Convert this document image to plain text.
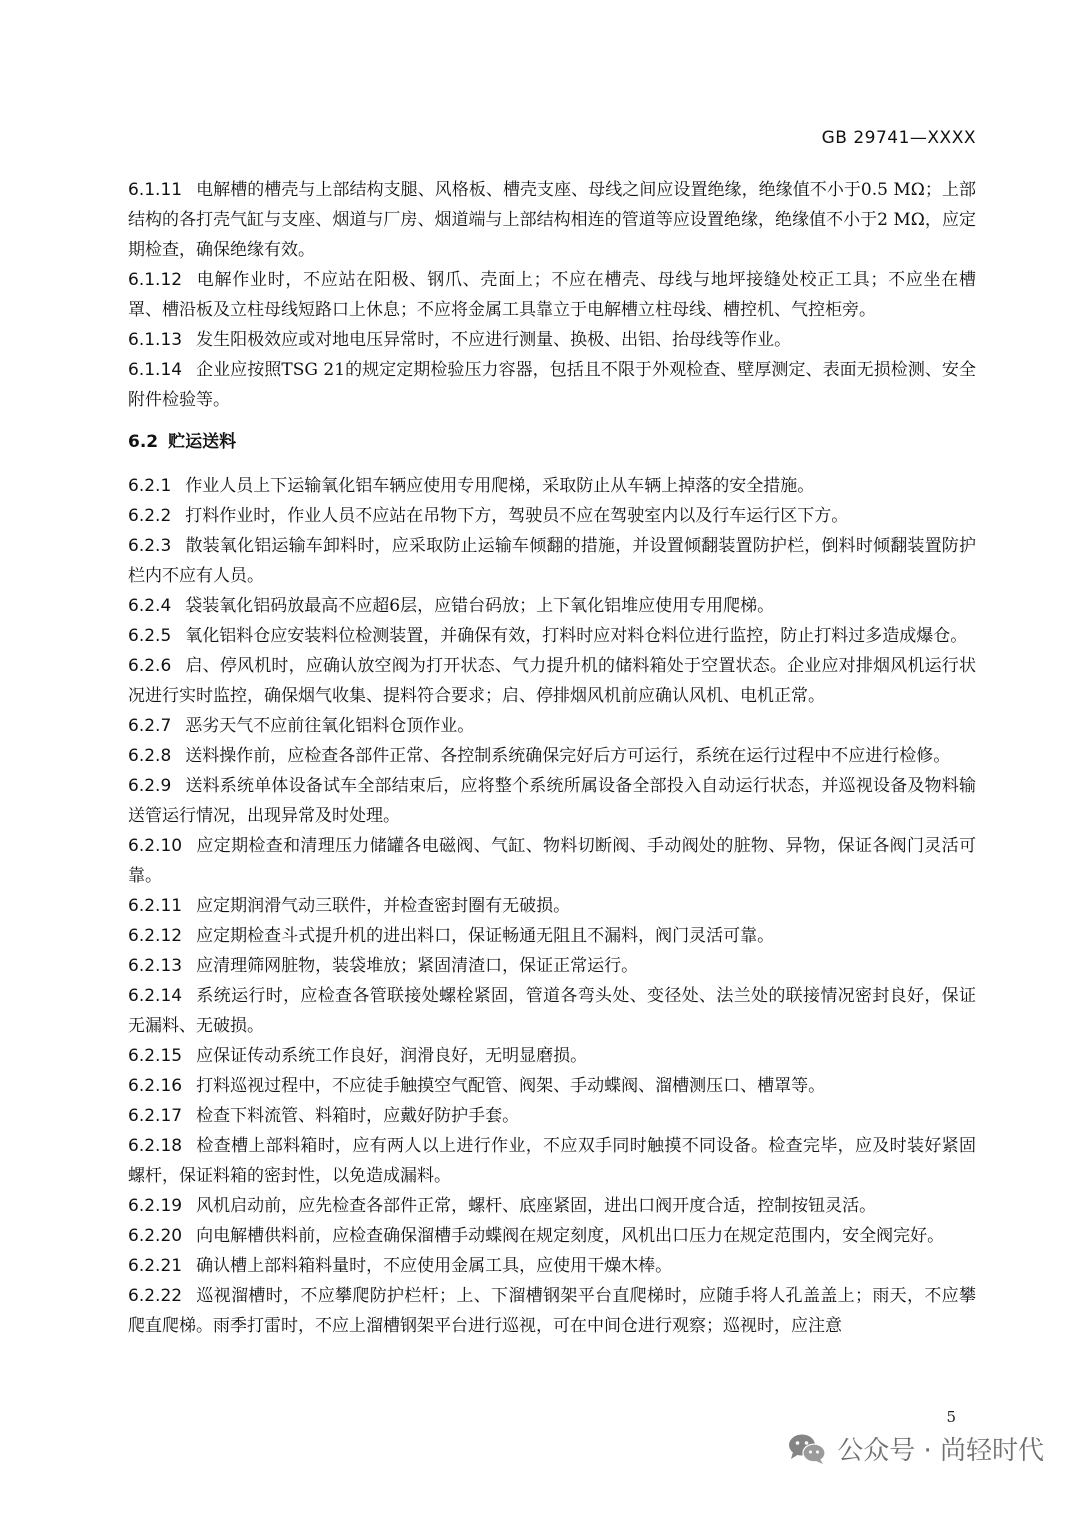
GB 29741—XXXX

6.1.11 电解槽的槽壳与上部结构支腿、风格板、槽壳支座、母线之间应设置绝缘，绝缘值不小于0.5 MΩ；上部结构的各打壳气缸与支座、烟道与厂房、烟道端与上部结构相连的管道等应设置绝缘，绝缘值不小于2 MΩ，应定期检查，确保绝缘有效。

6.1.12 电解作业时，不应站在阳极、钢爪、壳面上；不应在槽壳、母线与地坪接缝处校正工具；不应坐在槽罩、槽沿板及立柱母线短路口上休息；不应将金属工具靠立于电解槽立柱母线、槽控机、气控柜旁。

6.1.13 发生阳极效应或对地电压异常时，不应进行测量、换极、出铝、抬母线等作业。

6.1.14 企业应按照TSG 21的规定定期检验压力容器，包括且不限于外观检查、壁厚测定、表面无损检测、安全附件检验等。

6.2 贮运送料

6.2.1 作业人员上下运输氧化铝车辆应使用专用爬梯，采取防止从车辆上掉落的安全措施。

6.2.2 打料作业时，作业人员不应站在吊物下方，驾驶员不应在驾驶室内以及行车运行区下方。

6.2.3 散装氧化铝运输车卸料时，应采取防止运输车倾翻的措施，并设置倾翻装置防护栏，倒料时倾翻装置防护栏内不应有人员。

6.2.4 袋装氧化铝码放最高不应超6层，应错台码放；上下氧化铝堆应使用专用爬梯。

6.2.5 氧化铝料仓应安装料位检测装置，并确保有效，打料时应对料仓料位进行监控，防止打料过多造成爆仓。

6.2.6 启、停风机时，应确认放空阀为打开状态、气力提升机的储料箱处于空置状态。企业应对排烟风机运行状况进行实时监控，确保烟气收集、提料符合要求；启、停排烟风机前应确认风机、电机正常。

6.2.7 恶劣天气不应前往氧化铝料仓顶作业。

6.2.8 送料操作前，应检查各部件正常、各控制系统确保完好后方可运行，系统在运行过程中不应进行检修。

6.2.9 送料系统单体设备试车全部结束后，应将整个系统所属设备全部投入自动运行状态，并巡视设备及物料输送管运行情况，出现异常及时处理。

6.2.10 应定期检查和清理压力储罐各电磁阀、气缸、物料切断阀、手动阀处的脏物、异物，保证各阀门灵活可靠。

6.2.11 应定期润滑气动三联件，并检查密封圈有无破损。

6.2.12 应定期检查斗式提升机的进出料口，保证畅通无阻且不漏料，阀门灵活可靠。

6.2.13 应清理筛网脏物，装袋堆放；紧固清渣口，保证正常运行。

6.2.14 系统运行时，应检查各管联接处螺栓紧固，管道各弯头处、变径处、法兰处的联接情况密封良好，保证无漏料、无破损。

6.2.15 应保证传动系统工作良好，润滑良好，无明显磨损。

6.2.16 打料巡视过程中，不应徒手触摸空气配管、阀架、手动蝶阀、溜槽测压口、槽罩等。

6.2.17 检查下料流管、料箱时，应戴好防护手套。

6.2.18 检查槽上部料箱时，应有两人以上进行作业，不应双手同时触摸不同设备。检查完毕，应及时装好紧固螺杆，保证料箱的密封性，以免造成漏料。

6.2.19 风机启动前，应先检查各部件正常，螺杆、底座紧固，进出口阀开度合适，控制按钮灵活。

6.2.20 向电解槽供料前，应检查确保溜槽手动蝶阀在规定刻度，风机出口压力在规定范围内，安全阀完好。

6.2.21 确认槽上部料箱料量时，不应使用金属工具，应使用干燥木棒。

6.2.22 巡视溜槽时，不应攀爬防护栏杆；上、下溜槽钢架平台直爬梯时，应随手将人孔盖盖上；雨天，不应攀爬直爬梯。雨季打雷时，不应上溜槽钢架平台进行巡视，可在中间仓进行观察；巡视时，应注意

5
公众号 · 尚轻时代
